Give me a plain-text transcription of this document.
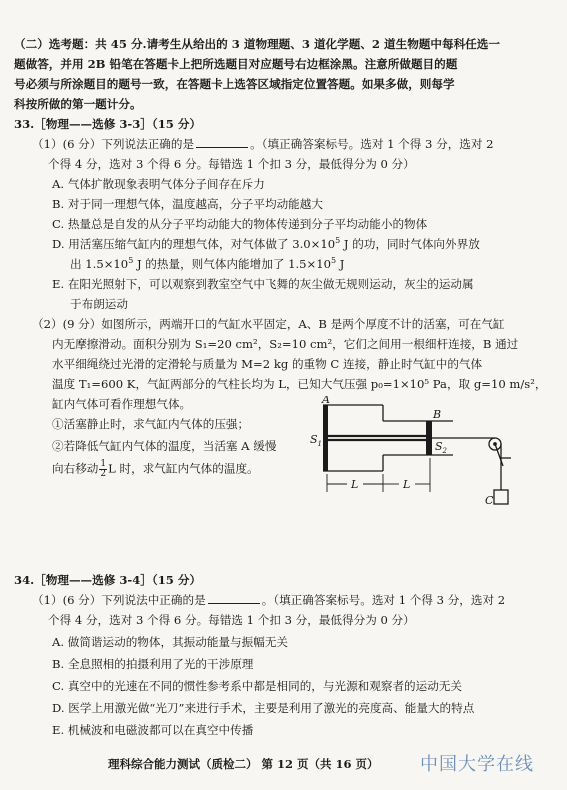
（二）选考题：共 45 分.请考生从给出的 3 道物理题、3 道化学题、2 道生物题中每科任选一
题做答，并用 2B 铅笔在答题卡上把所选题目对应题号右边框涂黑。注意所做题目的题
号必须与所涂题目的题号一致，在答题卡上选答区域指定位置答题。如果多做，则每学
科按所做的第一题计分。
33.［物理——选修 3-3］（15 分）
（1）(6 分）下列说法正确的是	。（填正确答案标号。选对 1 个得 3 分，选对 2
个得 4 分，选对 3 个得 6 分。每错选 1 个扣 3 分，最低得分为 0 分）
A. 气体扩散现象表明气体分子间存在斥力
B. 对于同一理想气体，温度越高，分子平均动能越大
C. 热量总是自发的从分子平均动能大的物体传递到分子平均动能小的物体
D. 用活塞压缩气缸内的理想气体，对气体做了 $3.0\times 10^5$ J 的功，同时气体向外界放
出 $1.5\times 10^5$ J 的热量，则气体内能增加了 $1.5\times 10^5$ J
E. 在阳光照射下，可以观察到教室空气中飞舞的灰尘做无规则运动，灰尘的运动属
于布朗运动
（2）(9 分）如图所示，两端开口的气缸水平固定，A、B 是两个厚度不计的活塞，可在气缸
内无摩擦滑动。面积分别为 S₁=20 cm²，S₂=10 cm²，它们之间用一根细杆连接，B 通过
水平细绳绕过光滑的定滑轮与质量为 M=2 kg 的重物 C 连接，静止时气缸中的气体
温度 T₁=600 K，气缸两部分的气柱长均为 L，已知大气压强 p₀=1×10⁵ Pa，取 g=10 m/s²，
缸内气体可看作理想气体。
①活塞静止时，求气缸内气体的压强；
②若降低气缸内气体的温度，当活塞 A 缓慢
向右移动 $\frac{1}{2}$ L 时，求气缸内气体的温度。
A
B
$S_1$	$S_2$
L	L
C
34.［物理——选修 3-4］（15 分）
（1）(6 分）下列说法中正确的是	。（填正确答案标号。选对 1 个得 3 分，选对 2
个得 4 分，选对 3 个得 6 分。每错选 1 个扣 3 分，最低得分为 0 分）
A. 做简谐运动的物体，其振动能量与振幅无关
B. 全息照相的拍摄利用了光的干涉原理
C. 真空中的光速在不同的惯性参考系中都是相同的，与光源和观察者的运动无关
D. 医学上用激光做“光刀”来进行手术，主要是利用了激光的亮度高、能量大的特点
E. 机械波和电磁波都可以在真空中传播
理科综合能力测试（质检二） 第 12 页（共 16 页） 中国大学在线
